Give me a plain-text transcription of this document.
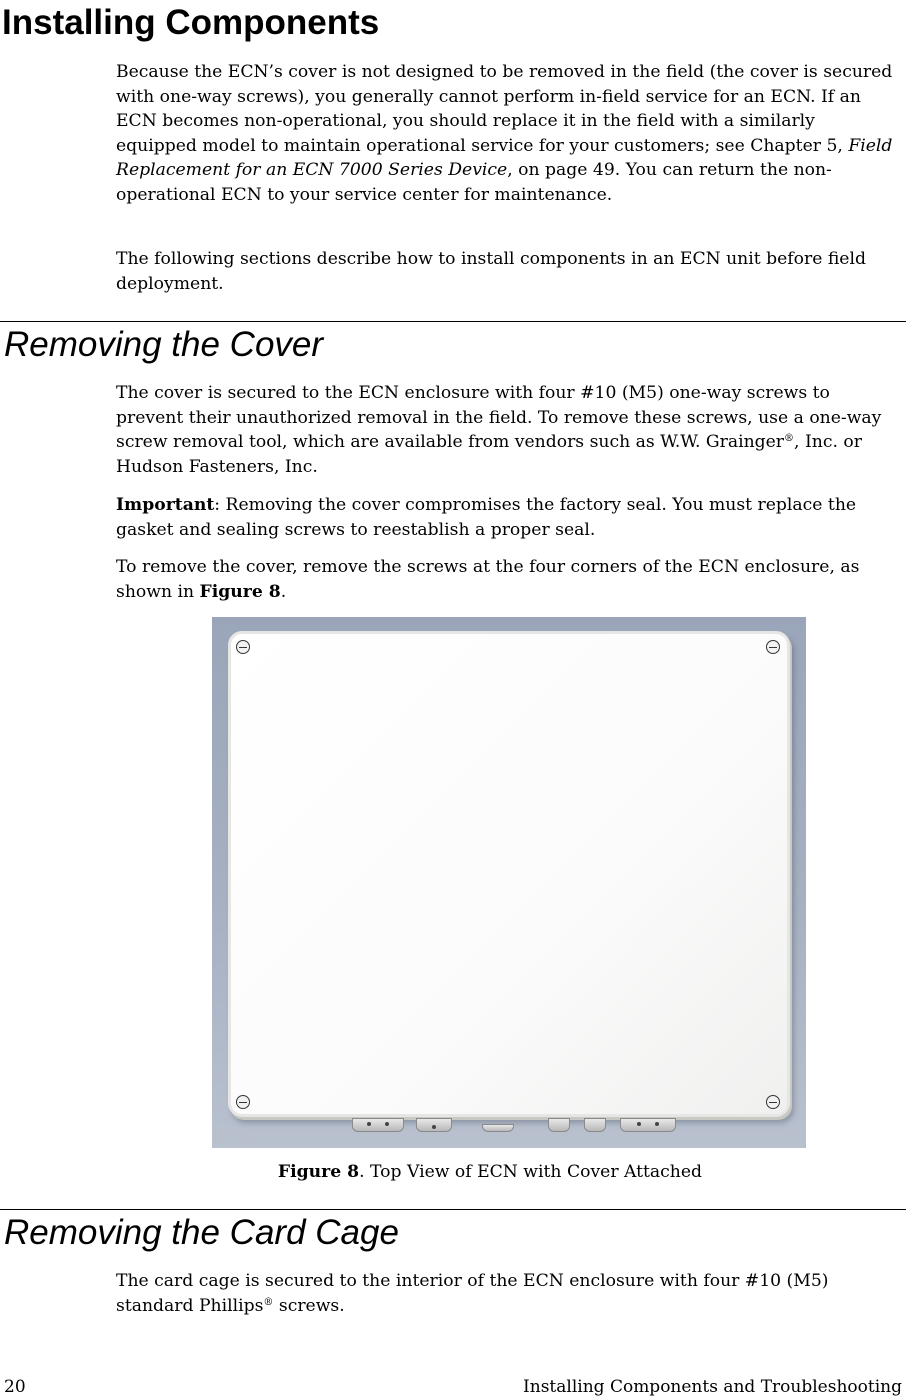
Installing Components

Because the ECN’s cover is not designed to be removed in the field (the cover is secured with one-way screws), you generally cannot perform in-field service for an ECN. If an ECN becomes non-operational, you should replace it in the field with a similarly equipped model to maintain operational service for your customers; see Chapter 5, Field Replacement for an ECN 7000 Series Device, on page 49. You can return the non-operational ECN to your service center for maintenance.

The following sections describe how to install components in an ECN unit before field deployment.

Removing the Cover

The cover is secured to the ECN enclosure with four #10 (M5) one-way screws to prevent their unauthorized removal in the field. To remove these screws, use a one-way screw removal tool, which are available from vendors such as W.W. Grainger®, Inc. or Hudson Fasteners, Inc.

Important: Removing the cover compromises the factory seal. You must replace the gasket and sealing screws to reestablish a proper seal.

To remove the cover, remove the screws at the four corners of the ECN enclosure, as shown in Figure 8.

Figure 8. Top View of ECN with Cover Attached

Removing the Card Cage

The card cage is secured to the interior of the ECN enclosure with four #10 (M5) standard Phillips® screws.

20	Installing Components and Troubleshooting
